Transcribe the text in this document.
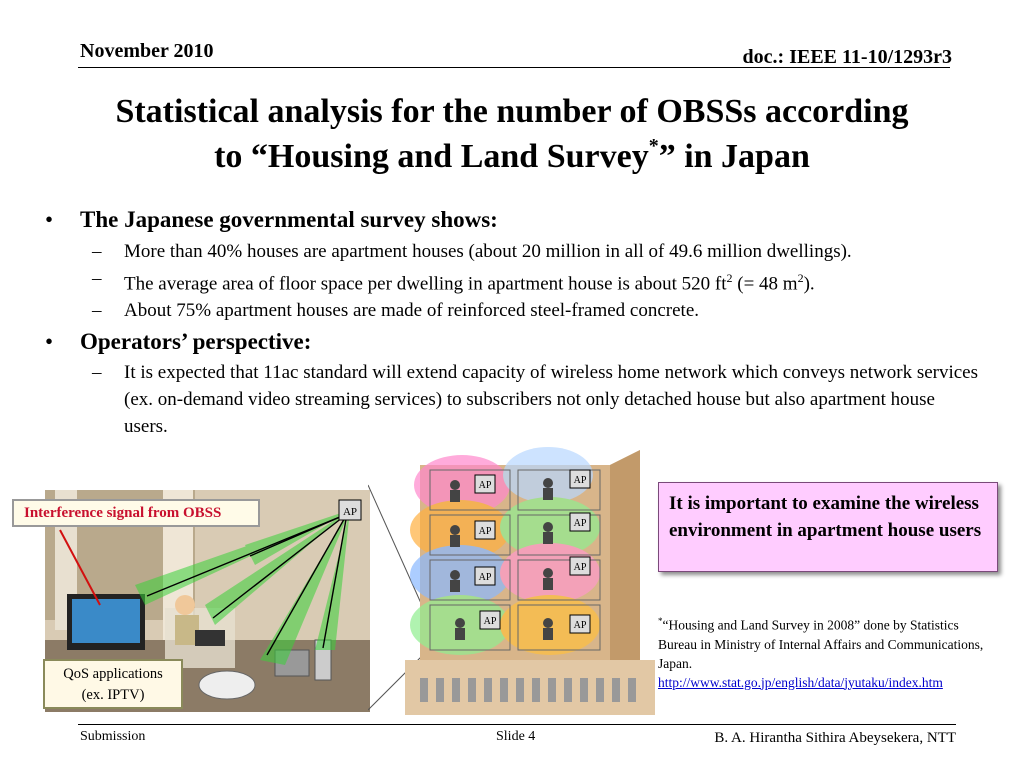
November 2010	doc.: IEEE 11-10/1293r3
Statistical analysis for the number of OBSSs according
to “Housing and Land Survey*” in Japan
• The Japanese governmental survey shows:
– More than 40% houses are apartment houses (about 20 million in all of 49.6 million dwellings).
– The average area of floor space per dwelling in apartment house is about 520 $ft^2$ (= 48 $m^2$).
– About 75% apartment houses are made of reinforced steel-framed concrete.
• Operators’ perspective:
– It is expected that 11ac standard will extend capacity of wireless home network which conveys network services (ex. on-demand video streaming services) to subscribers not only detached house but also apartment house users.
AP
Interference signal from OBSS
QoS applications
(ex. IPTV)
AP	AP
AP
AP
AP
AP
AP	AP
It is important to examine the wireless environment in apartment house users
*“Housing and Land Survey in 2008” done by Statistics Bureau in Ministry of Internal Affairs and Communications, Japan.
http://www.stat.go.jp/english/data/jyutaku/index.htm
Submission	Slide 4	B. A. Hirantha Sithira Abeysekera, NTT
